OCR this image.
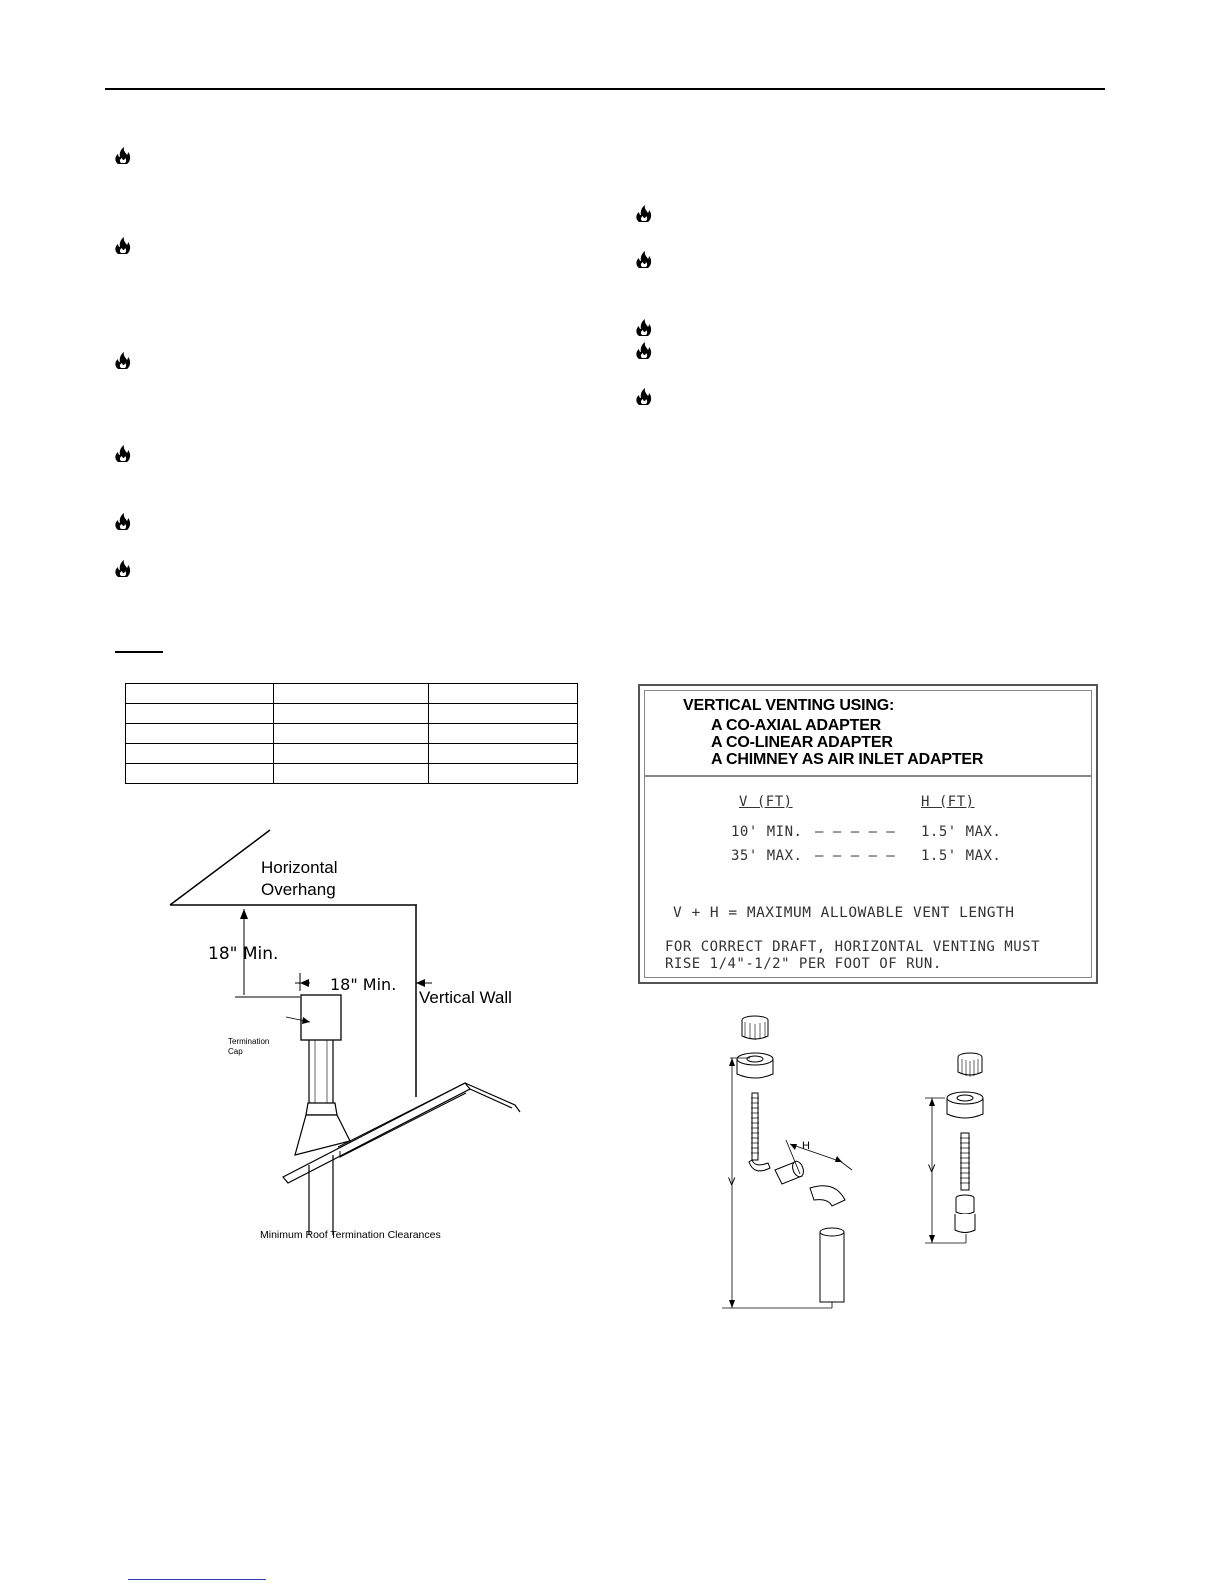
VERTICAL VENTING USING:
A CO-AXIAL ADAPTER
A CO-LINEAR ADAPTER
A CHIMNEY AS AIR INLET ADAPTER
V (FT)	H (FT)
10' MIN. — — — — — 1.5' MAX.
35' MAX. — — — — — 1.5' MAX.
V + H = MAXIMUM ALLOWABLE VENT LENGTH
FOR CORRECT DRAFT, HORIZONTAL VENTING MUST
RISE 1/4"-1/2" PER FOOT OF RUN.
Horizontal
Overhang
18" Min.
18" Min.
Vertical Wall
Termination
Cap
Minimum Roof Termination Clearances
V
H
V
